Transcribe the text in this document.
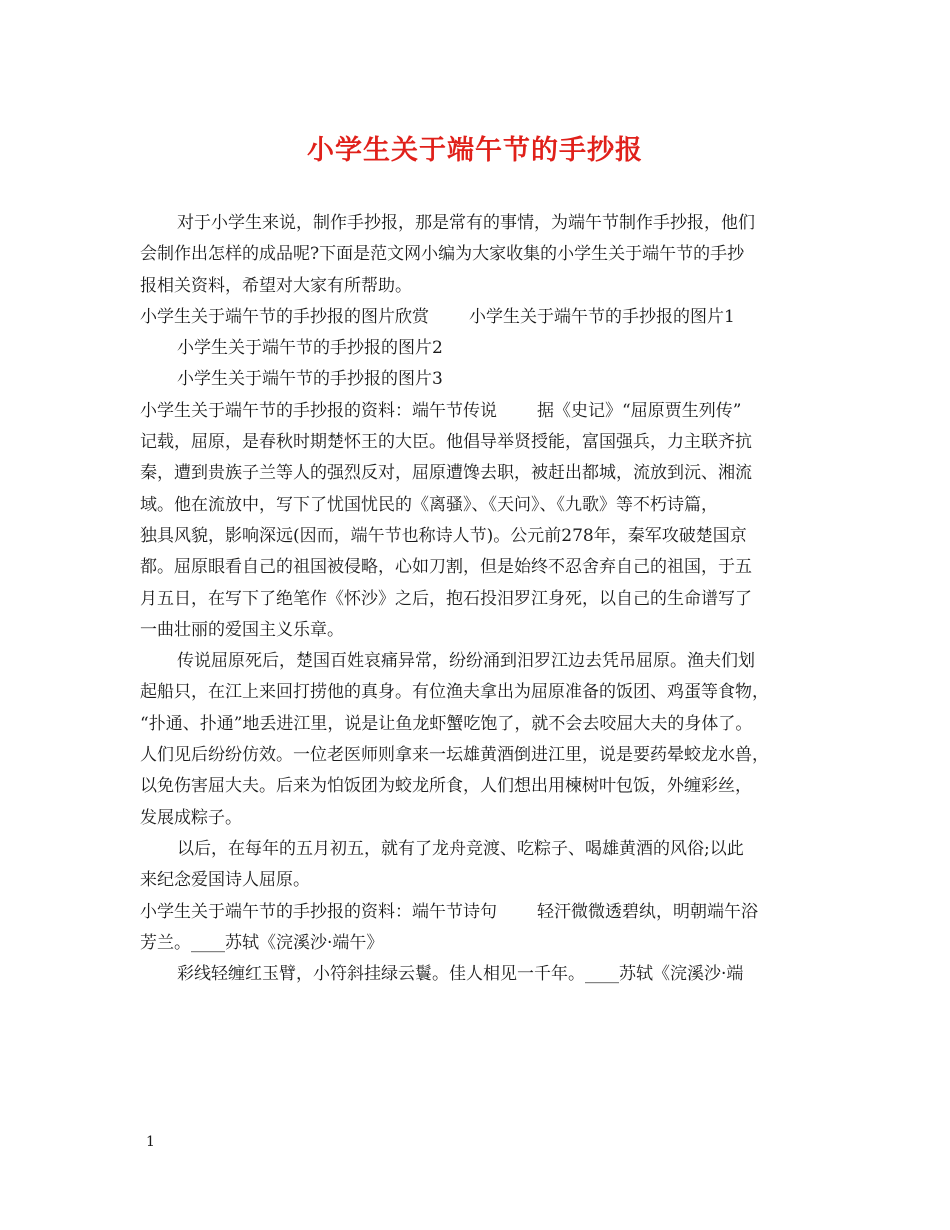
小学生关于端午节的手抄报
对于小学生来说，制作手抄报，那是常有的事情，为端午节制作手抄报，他们
会制作出怎样的成品呢?下面是范文网小编为大家收集的小学生关于端午节的手抄
报相关资料，希望对大家有所帮助。
小学生关于端午节的手抄报的图片欣赏 小学生关于端午节的手抄报的图片1
小学生关于端午节的手抄报的图片2
小学生关于端午节的手抄报的图片3
小学生关于端午节的手抄报的资料：端午节传说 据《史记》“屈原贾生列传”
记载，屈原，是春秋时期楚怀王的大臣。他倡导举贤授能，富国强兵，力主联齐抗
秦，遭到贵族子兰等人的强烈反对，屈原遭馋去职，被赶出都城，流放到沅、湘流
域。他在流放中，写下了忧国忧民的《离骚》、《天问》、《九歌》等不朽诗篇，
独具风貌，影响深远(因而，端午节也称诗人节)。公元前278年，秦军攻破楚国京
都。屈原眼看自己的祖国被侵略，心如刀割，但是始终不忍舍弃自己的祖国，于五
月五日，在写下了绝笔作《怀沙》之后，抱石投汨罗江身死，以自己的生命谱写了
一曲壮丽的爱国主义乐章。
传说屈原死后，楚国百姓哀痛异常，纷纷涌到汨罗江边去凭吊屈原。渔夫们划
起船只，在江上来回打捞他的真身。有位渔夫拿出为屈原准备的饭团、鸡蛋等食物，
“扑通、扑通”地丢进江里，说是让鱼龙虾蟹吃饱了，就不会去咬屈大夫的身体了。
人们见后纷纷仿效。一位老医师则拿来一坛雄黄酒倒进江里，说是要药晕蛟龙水兽，
以免伤害屈大夫。后来为怕饭团为蛟龙所食，人们想出用楝树叶包饭，外缠彩丝，
发展成粽子。
以后，在每年的五月初五，就有了龙舟竞渡、吃粽子、喝雄黄酒的风俗;以此
来纪念爱国诗人屈原。
小学生关于端午节的手抄报的资料：端午节诗句 轻汗微微透碧纨，明朝端午浴
芳兰。____苏轼《浣溪沙·端午》
彩线轻缠红玉臂，小符斜挂绿云鬟。佳人相见一千年。____苏轼《浣溪沙·端
1
